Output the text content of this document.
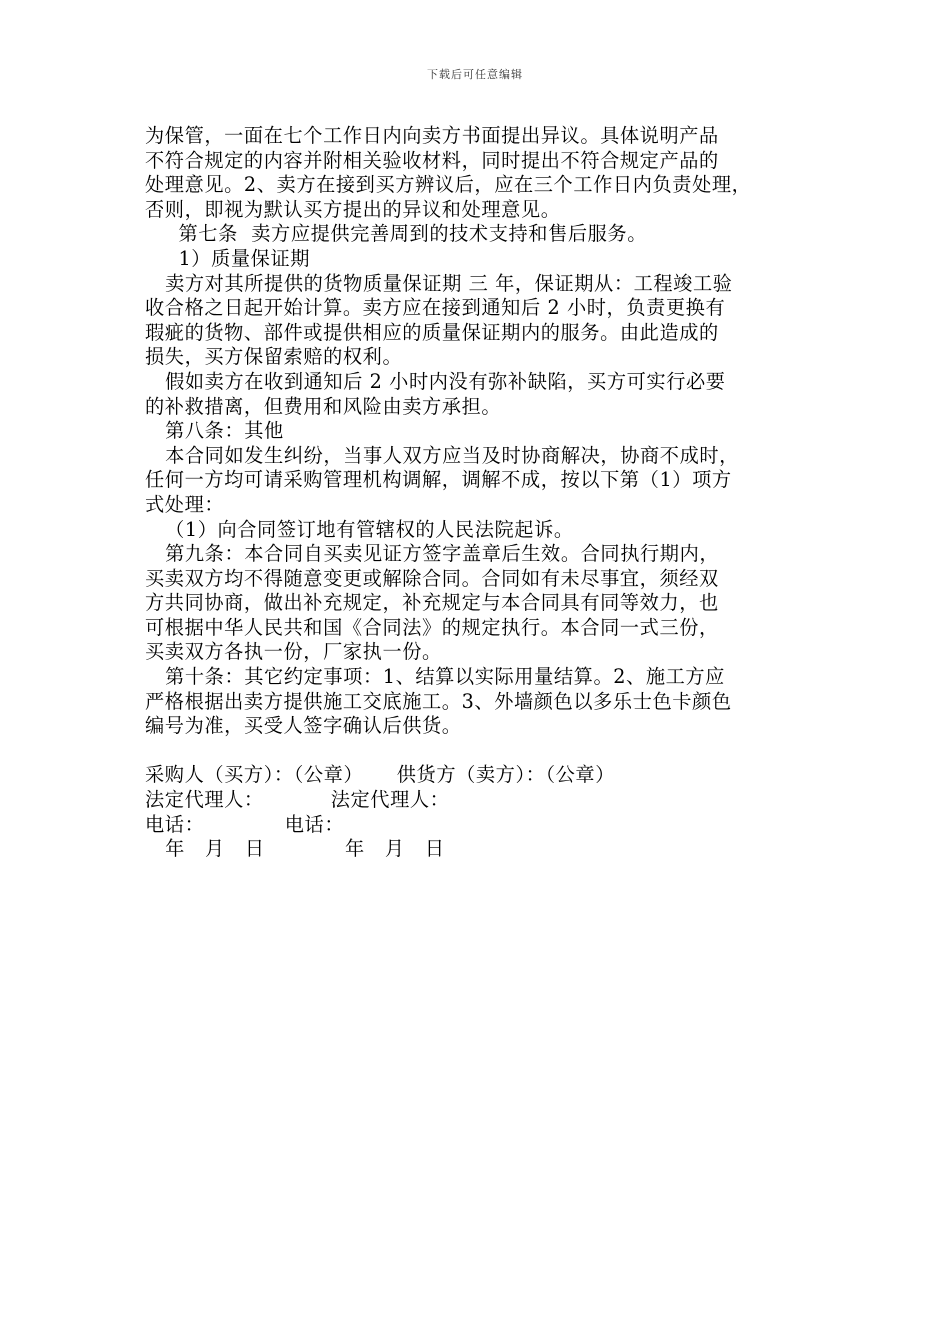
下载后可任意编辑
为保管，一面在七个工作日内向卖方书面提出异议。具体说明产品
不符合规定的内容并附相关验收材料，同时提出不符合规定产品的
处理意见。2、卖方在接到买方辨议后，应在三个工作日内负责处理，
否则，即视为默认买方提出的异议和处理意见。
第七条  卖方应提供完善周到的技术支持和售后服务。
1）质量保证期
卖方对其所提供的货物质量保证期 三 年，保证期从：工程竣工验
收合格之日起开始计算。卖方应在接到通知后 2 小时，负责更换有
瑕疵的货物、部件或提供相应的质量保证期内的服务。由此造成的
损失，买方保留索赔的权利。
假如卖方在收到通知后 2 小时内没有弥补缺陷，买方可实行必要
的补救措离，但费用和风险由卖方承担。
第八条：其他
本合同如发生纠纷，当事人双方应当及时协商解决，协商不成时，
任何一方均可请采购管理机构调解，调解不成，按以下第（1）项方
式处理：
（1）向合同签订地有管辖权的人民法院起诉。
第九条：本合同自买卖见证方签字盖章后生效。合同执行期内，
买卖双方均不得随意变更或解除合同。合同如有未尽事宜，须经双
方共同协商，做出补充规定，补充规定与本合同具有同等效力，也
可根据中华人民共和国《合同法》的规定执行。本合同一式三份，
买卖双方各执一份，厂家执一份。
第十条：其它约定事项：1、结算以实际用量结算。2、施工方应
严格根据出卖方提供施工交底施工。3、外墙颜色以多乐士色卡颜色
编号为准，买受人签字确认后供货。
采购人（买方）：（公章）     供货方（卖方）：（公章）
法定代理人：          法定代理人：
电话：            电话：
年   月   日            年   月   日
